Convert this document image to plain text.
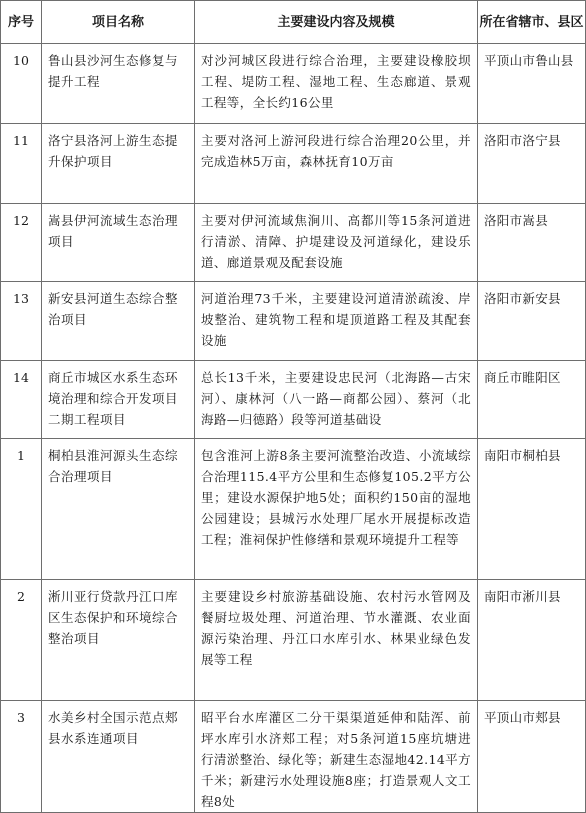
序号	项目名称	主要建设内容及规模	所在省辖市、县区
10	鲁山县沙河生态修复与提升工程	对沙河城区段进行综合治理，主要建设橡胶坝工程、堤防工程、湿地工程、生态廊道、景观工程等，全长约16公里	平顶山市鲁山县
11	洛宁县洛河上游生态提升保护项目	主要对洛河上游河段进行综合治理20公里，并完成造林5万亩，森林抚育10万亩	洛阳市洛宁县
12	嵩县伊河流域生态治理项目	主要对伊河流域焦涧川、高都川等15条河道进行清淤、清障、护堤建设及河道绿化，建设乐道、廊道景观及配套设施	洛阳市嵩县
13	新安县河道生态综合整治项目	河道治理73千米，主要建设河道清淤疏浚、岸坡整治、建筑物工程和堤顶道路工程及其配套设施	洛阳市新安县
14	商丘市城区水系生态环境治理和综合开发项目二期工程项目	总长13千米，主要建设忠民河（北海路—古宋河）、康林河（八一路—商都公园）、蔡河（北海路—归德路）段等河道基础设	商丘市睢阳区
1	桐柏县淮河源头生态综合治理项目	包含淮河上游8条主要河流整治改造、小流域综合治理115.4平方公里和生态修复105.2平方公里；建设水源保护地5处；面积约150亩的湿地公园建设；县城污水处理厂尾水开展提标改造工程；淮祠保护性修缮和景观环境提升工程等	南阳市桐柏县
2	淅川亚行贷款丹江口库区生态保护和环境综合整治项目	主要建设乡村旅游基础设施、农村污水管网及餐厨垃圾处理、河道治理、节水灌溉、农业面源污染治理、丹江口水库引水、林果业绿色发展等工程	南阳市淅川县
3	水美乡村全国示范点郏县水系连通项目	昭平台水库灌区二分干渠渠道延伸和陆浑、前坪水库引水济郏工程；对5条河道15座坑塘进行清淤整治、绿化等；新建生态湿地42.14平方千米；新建污水处理设施8座；打造景观人文工程8处	平顶山市郏县
